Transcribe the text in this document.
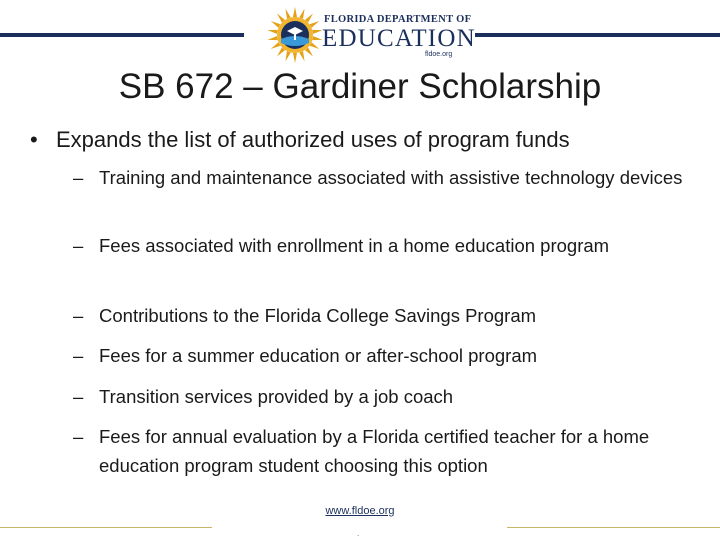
FLORIDA DEPARTMENT OF
EDUCATION
fldoe.org
SB 672 – Gardiner Scholarship
• Expands the list of authorized uses of program funds
– Training and maintenance associated with assistive technology devices
– Fees associated with enrollment in a home education program
– Contributions to the Florida College Savings Program
– Fees for a summer education or after-school program
– Transition services provided by a job coach
– Fees for annual evaluation by a Florida certified teacher for a home education program student choosing this option
www.fldoe.org
.
